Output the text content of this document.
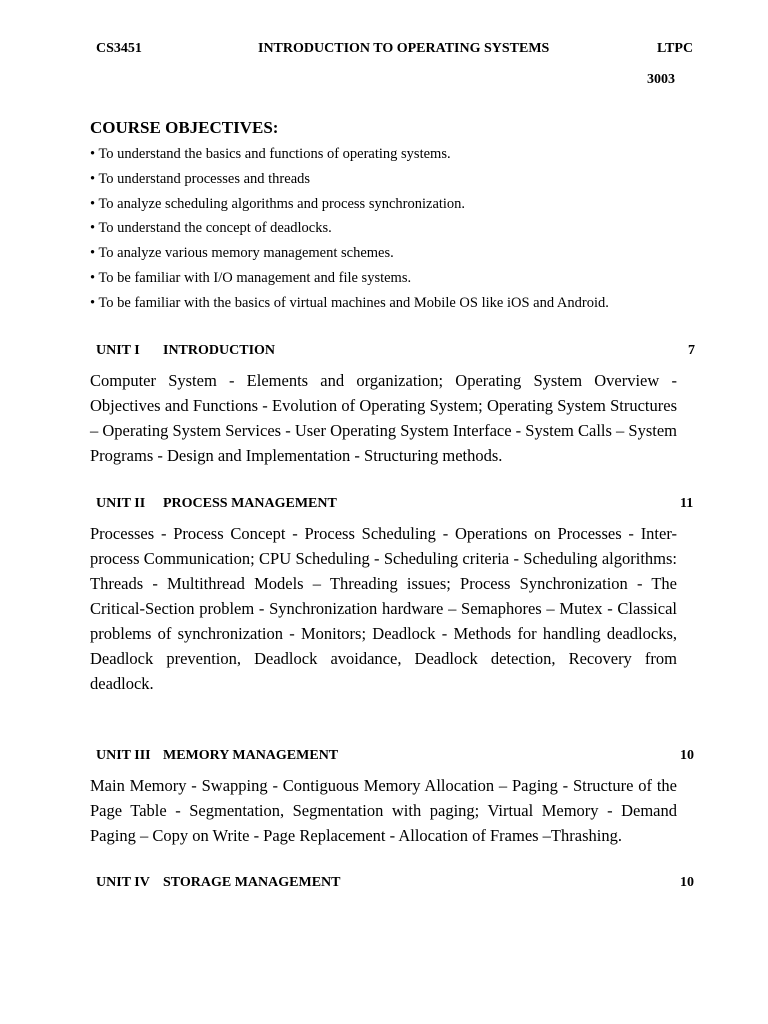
CS3451	INTRODUCTION TO OPERATING SYSTEMS	LTPC
3003
COURSE OBJECTIVES:
• To understand the basics and functions of operating systems.
• To understand processes and threads
• To analyze scheduling algorithms and process synchronization.
• To understand the concept of deadlocks.
• To analyze various memory management schemes.
• To be familiar with I/O management and file systems.
• To be familiar with the basics of virtual machines and Mobile OS like iOS and Android.
UNIT I INTRODUCTION	7

Computer System - Elements and organization; Operating System Overview - Objectives and Functions - Evolution of Operating System; Operating System Structures – Operating System Services - User Operating System Interface - System Calls – System Programs - Design and Implementation - Structuring methods.

UNIT II PROCESS MANAGEMENT	11

Processes - Process Concept - Process Scheduling - Operations on Processes - Inter-process Communication; CPU Scheduling - Scheduling criteria - Scheduling algorithms: Threads - Multithread Models – Threading issues; Process Synchronization - The Critical-Section problem - Synchronization hardware – Semaphores – Mutex - Classical problems of synchronization - Monitors; Deadlock - Methods for handling deadlocks, Deadlock prevention, Deadlock avoidance, Deadlock detection, Recovery from deadlock.

UNIT III MEMORY MANAGEMENT	10

Main Memory - Swapping - Contiguous Memory Allocation – Paging - Structure of the Page Table - Segmentation, Segmentation with paging; Virtual Memory - Demand Paging – Copy on Write - Page Replacement - Allocation of Frames –Thrashing.

UNIT IV STORAGE MANAGEMENT	10
